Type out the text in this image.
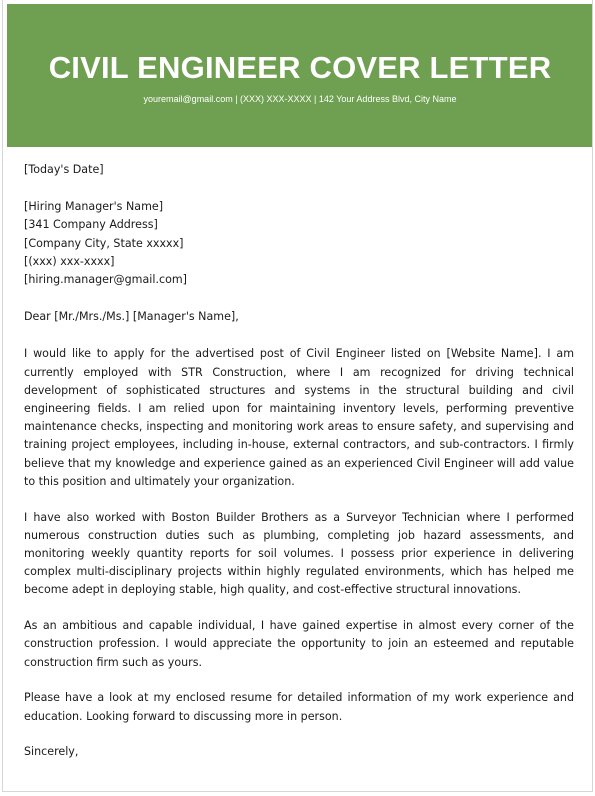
CIVIL ENGINEER COVER LETTER
youremail@gmail.com | (XXX) XXX-XXXX | 142 Your Address Blvd, City Name
[Today's Date]
[Hiring Manager's Name]
[341 Company Address]
[Company City, State xxxxx]
[(xxx) xxx-xxxx]
[hiring.manager@gmail.com]
Dear [Mr./Mrs./Ms.] [Manager's Name],

I would like to apply for the advertised post of Civil Engineer listed on [Website Name]. I am currently employed with STR Construction, where I am recognized for driving technical development of sophisticated structures and systems in the structural building and civil engineering fields. I am relied upon for maintaining inventory levels, performing preventive maintenance checks, inspecting and monitoring work areas to ensure safety, and supervising and training project employees, including in-house, external contractors, and sub-contractors. I firmly believe that my knowledge and experience gained as an experienced Civil Engineer will add value to this position and ultimately your organization.

I have also worked with Boston Builder Brothers as a Surveyor Technician where I performed numerous construction duties such as plumbing, completing job hazard assessments, and monitoring weekly quantity reports for soil volumes. I possess prior experience in delivering complex multi-disciplinary projects within highly regulated environments, which has helped me become adept in deploying stable, high quality, and cost-effective structural innovations.

As an ambitious and capable individual, I have gained expertise in almost every corner of the construction profession. I would appreciate the opportunity to join an esteemed and reputable construction firm such as yours.

Please have a look at my enclosed resume for detailed information of my work experience and education. Looking forward to discussing more in person.

Sincerely,
